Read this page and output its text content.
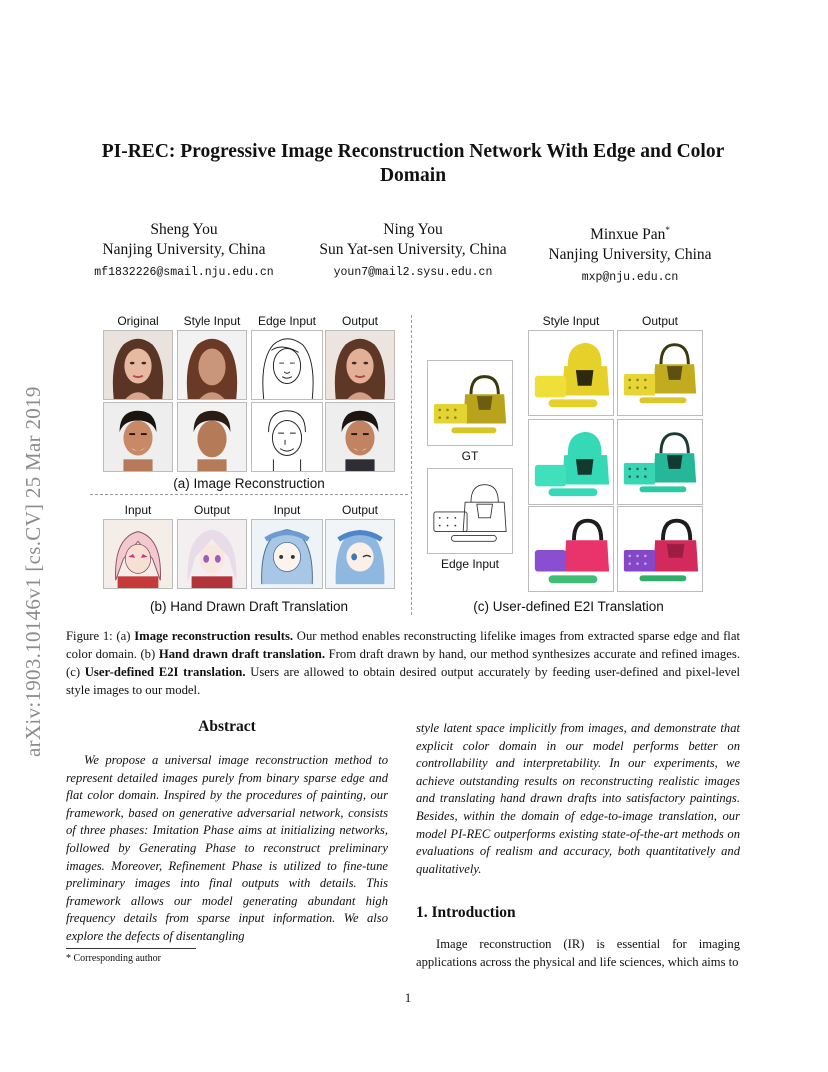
arXiv:1903.10146v1 [cs.CV] 25 Mar 2019
PI-REC: Progressive Image Reconstruction Network With Edge and Color Domain
Sheng You
Nanjing University, China
mf1832226@smail.nju.edu.cn
Ning You
Sun Yat-sen University, China
youn7@mail2.sysu.edu.cn
Minxue Pan*
Nanjing University, China
mxp@nju.edu.cn
Original	Style Input	Edge Input	Output
(a) Image Reconstruction
Input	Output	Input	Output
(b) Hand Drawn Draft Translation
Style Input	Output
GT
Edge Input
(c) User-defined E2I Translation
Figure 1: (a) Image reconstruction results. Our method enables reconstructing lifelike images from extracted sparse edge and flat color domain. (b) Hand drawn draft translation. From draft drawn by hand, our method synthesizes accurate and refined images. (c) User-defined E2I translation. Users are allowed to obtain desired output accurately by feeding user-defined and pixel-level style images to our model.
Abstract
We propose a universal image reconstruction method to represent detailed images purely from binary sparse edge and flat color domain. Inspired by the procedures of painting, our framework, based on generative adversarial network, consists of three phases: Imitation Phase aims at initializing networks, followed by Generating Phase to reconstruct preliminary images. Moreover, Refinement Phase is utilized to fine-tune preliminary images into final outputs with details. This framework allows our model generating abundant high frequency details from sparse input information. We also explore the defects of disentangling
style latent space implicitly from images, and demonstrate that explicit color domain in our model performs better on controllability and interpretability. In our experiments, we achieve outstanding results on reconstructing realistic images and translating hand drawn drafts into satisfactory paintings. Besides, within the domain of edge-to-image translation, our model PI-REC outperforms existing state-of-the-art methods on evaluations of realism and accuracy, both quantitatively and qualitatively.
1. Introduction
Image reconstruction (IR) is essential for imaging applications across the physical and life sciences, which aims to
* Corresponding author
1
